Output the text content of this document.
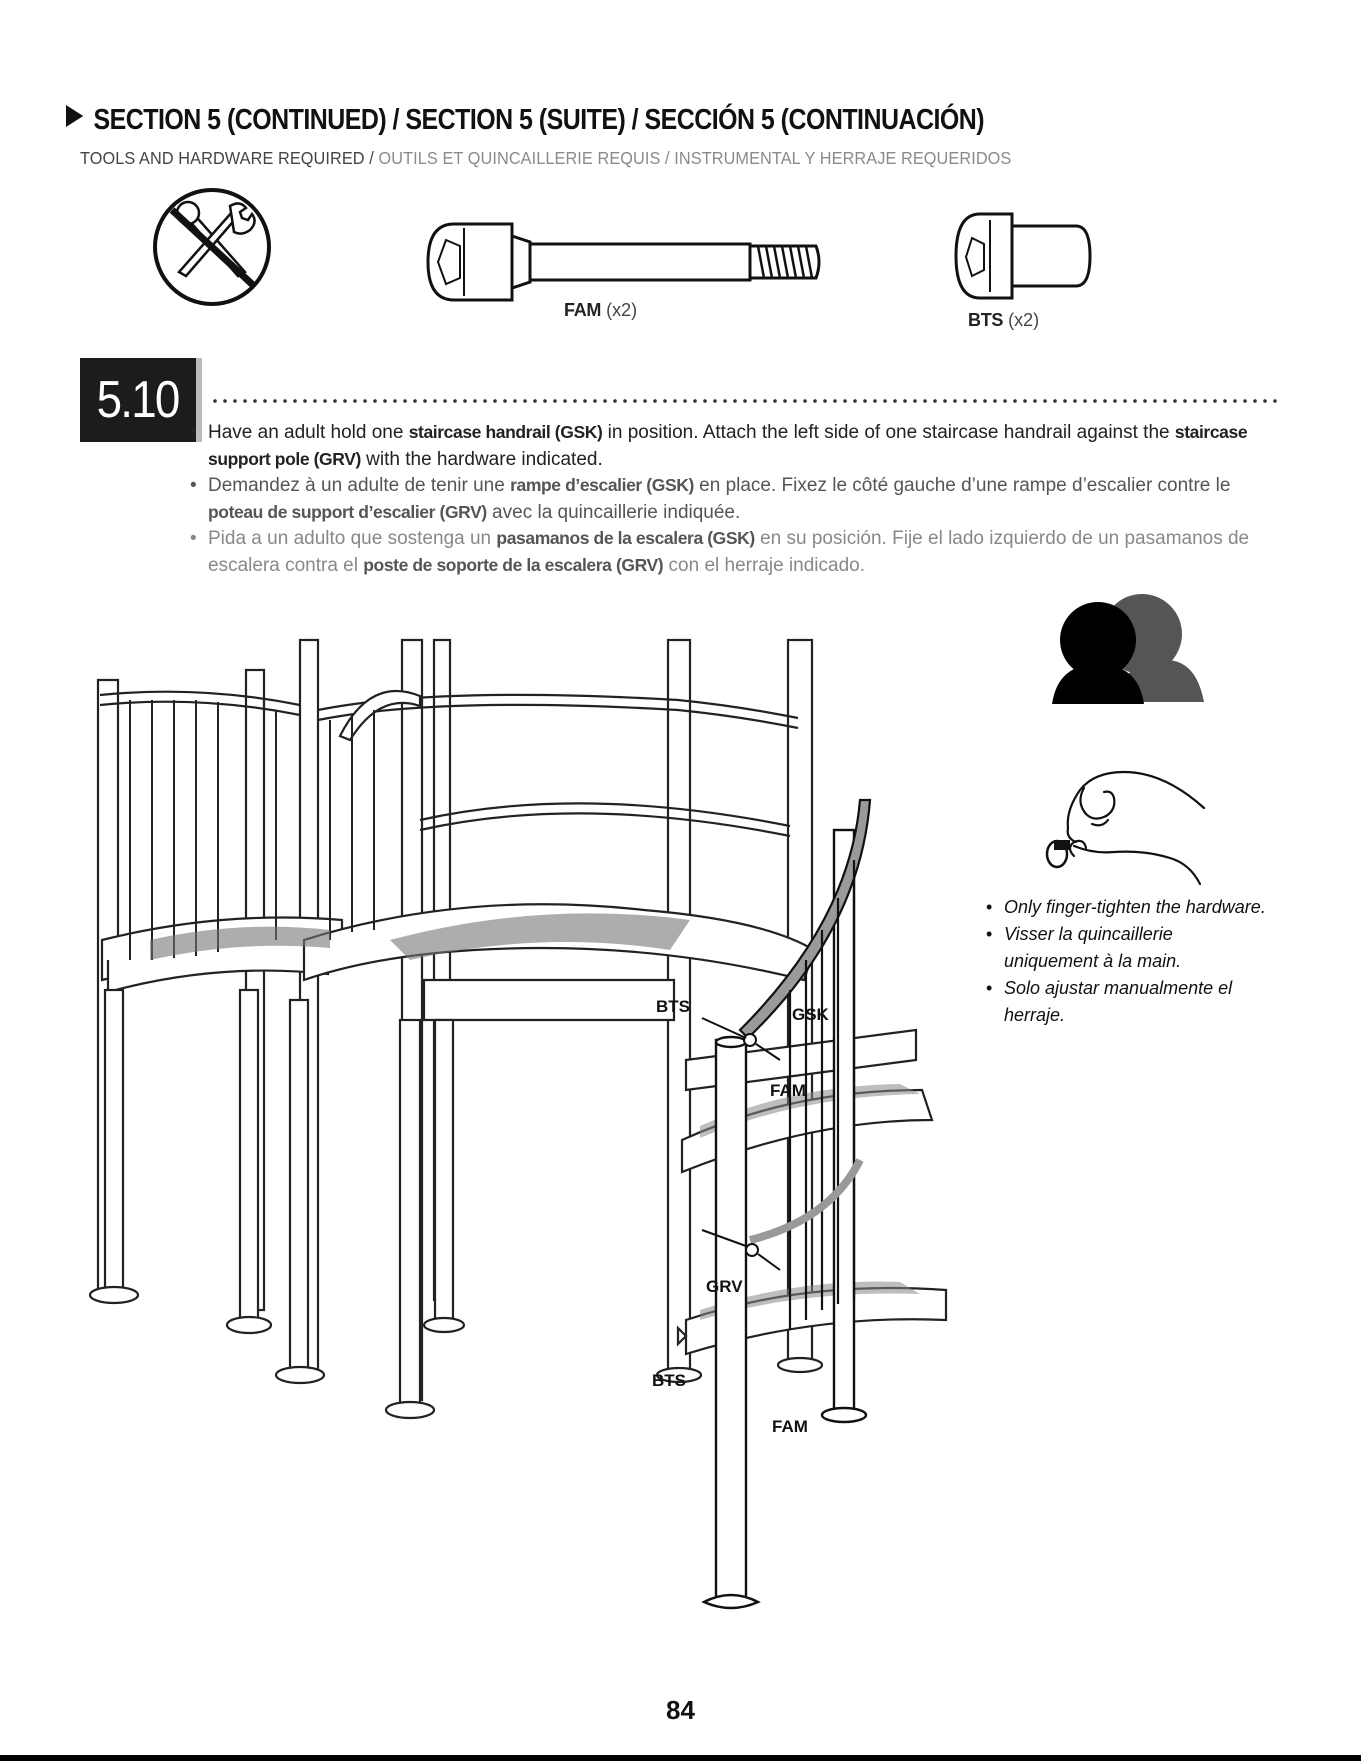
SECTION 5 (CONTINUED) / SECTION 5 (SUITE) / SECCIÓN 5 (CONTINUACIÓN)
TOOLS AND HARDWARE REQUIRED / OUTILS ET QUINCAILLERIE REQUIS / INSTRUMENTAL Y HERRAJE REQUERIDOS
FAM (x2)	BTS (x2)
5.10
• Have an adult hold one staircase handrail (GSK) in position. Attach the left side of one staircase handrail against the staircase support pole (GRV) with the hardware indicated.
• Demandez à un adulte de tenir une rampe d’escalier (GSK) en place. Fixez le côté gauche d’une rampe d’escalier contre le poteau de support d’escalier (GRV) avec la quincaillerie indiquée.
• Pida a un adulto que sostenga un pasamanos de la escalera (GSK) en su posición. Fije el lado izquierdo de un pasamanos de escalera contra el poste de soporte de la escalera (GRV) con el herraje indicado.
• Only finger-tighten the hardware.
• Visser la quincaillerie uniquement à la main.
• Solo ajustar manualmente el herraje.
GSK
BTS
FAM
GRV
BTS
FAM
84
